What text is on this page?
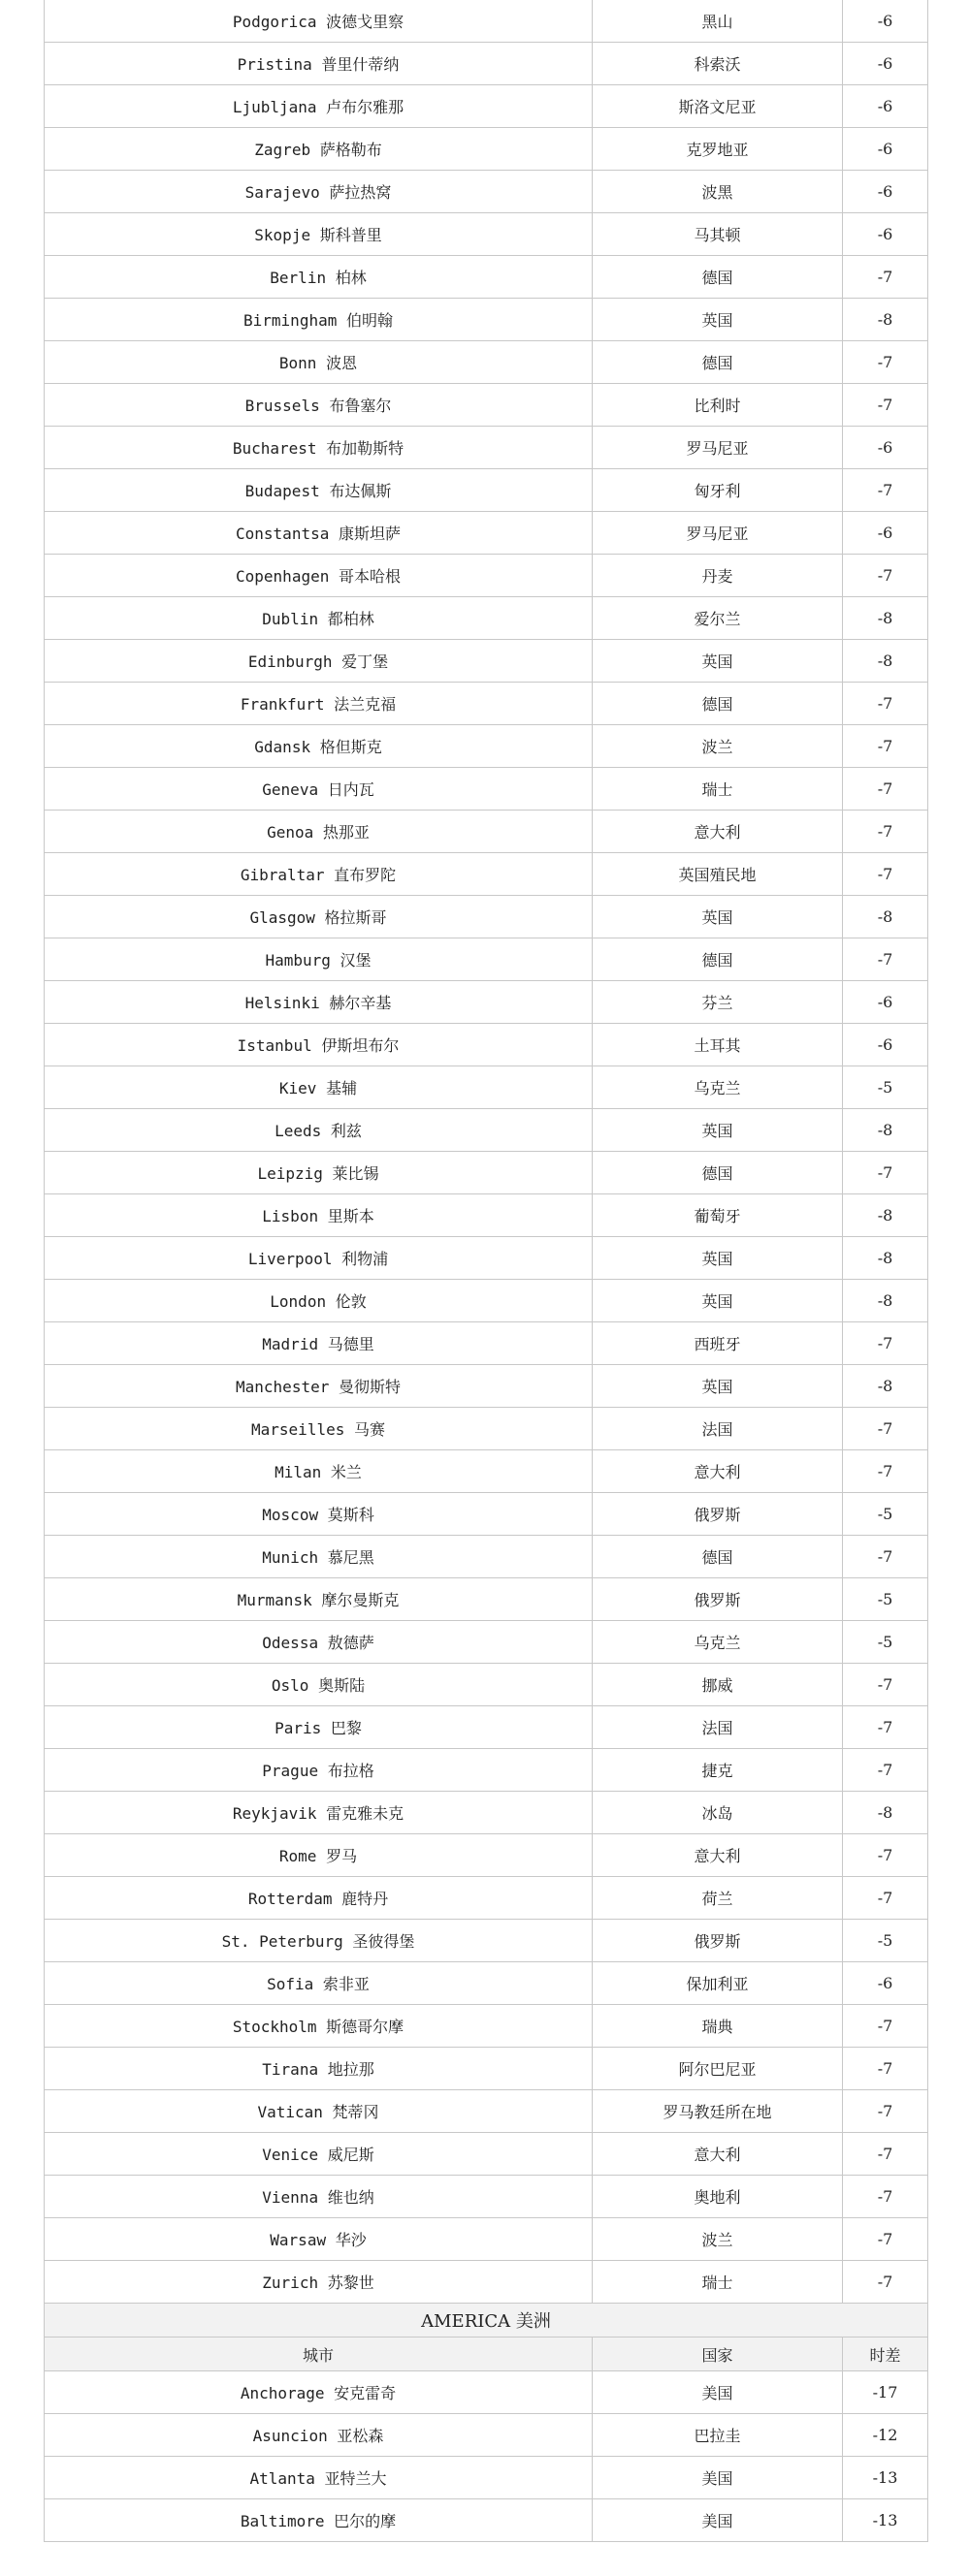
Podgorica 波德戈里察	黑山	-6
Pristina 普里什蒂纳	科索沃	-6
Ljubljana 卢布尔雅那	斯洛文尼亚	-6
Zagreb 萨格勒布	克罗地亚	-6
Sarajevo 萨拉热窝	波黑	-6
Skopje 斯科普里	马其顿	-6
Berlin 柏林	德国	-7
Birmingham 伯明翰	英国	-8
Bonn 波恩	德国	-7
Brussels 布鲁塞尔	比利时	-7
Bucharest 布加勒斯特	罗马尼亚	-6
Budapest 布达佩斯	匈牙利	-7
Constantsa 康斯坦萨	罗马尼亚	-6
Copenhagen 哥本哈根	丹麦	-7
Dublin 都柏林	爱尔兰	-8
Edinburgh 爱丁堡	英国	-8
Frankfurt 法兰克福	德国	-7
Gdansk 格但斯克	波兰	-7
Geneva 日内瓦	瑞士	-7
Genoa 热那亚	意大利	-7
Gibraltar 直布罗陀	英国殖民地	-7
Glasgow 格拉斯哥	英国	-8
Hamburg 汉堡	德国	-7
Helsinki 赫尔辛基	芬兰	-6
Istanbul 伊斯坦布尔	土耳其	-6
Kiev 基辅	乌克兰	-5
Leeds 利兹	英国	-8
Leipzig 莱比锡	德国	-7
Lisbon 里斯本	葡萄牙	-8
Liverpool 利物浦	英国	-8
London 伦敦	英国	-8
Madrid 马德里	西班牙	-7
Manchester 曼彻斯特	英国	-8
Marseilles 马赛	法国	-7
Milan 米兰	意大利	-7
Moscow 莫斯科	俄罗斯	-5
Munich 慕尼黑	德国	-7
Murmansk 摩尔曼斯克	俄罗斯	-5
Odessa 敖德萨	乌克兰	-5
Oslo 奥斯陆	挪威	-7
Paris 巴黎	法国	-7
Prague 布拉格	捷克	-7
Reykjavik 雷克雅未克	冰岛	-8
Rome 罗马	意大利	-7
Rotterdam 鹿特丹	荷兰	-7
St. Peterburg 圣彼得堡	俄罗斯	-5
Sofia 索非亚	保加利亚	-6
Stockholm 斯德哥尔摩	瑞典	-7
Tirana 地拉那	阿尔巴尼亚	-7
Vatican 梵蒂冈	罗马教廷所在地	-7
Venice 威尼斯	意大利	-7
Vienna 维也纳	奥地利	-7
Warsaw 华沙	波兰	-7
Zurich 苏黎世	瑞士	-7
AMERICA 美洲		
城市	国家	时差
Anchorage 安克雷奇	美国	-17
Asuncion 亚松森	巴拉圭	-12
Atlanta 亚特兰大	美国	-13
Baltimore 巴尔的摩	美国	-13
